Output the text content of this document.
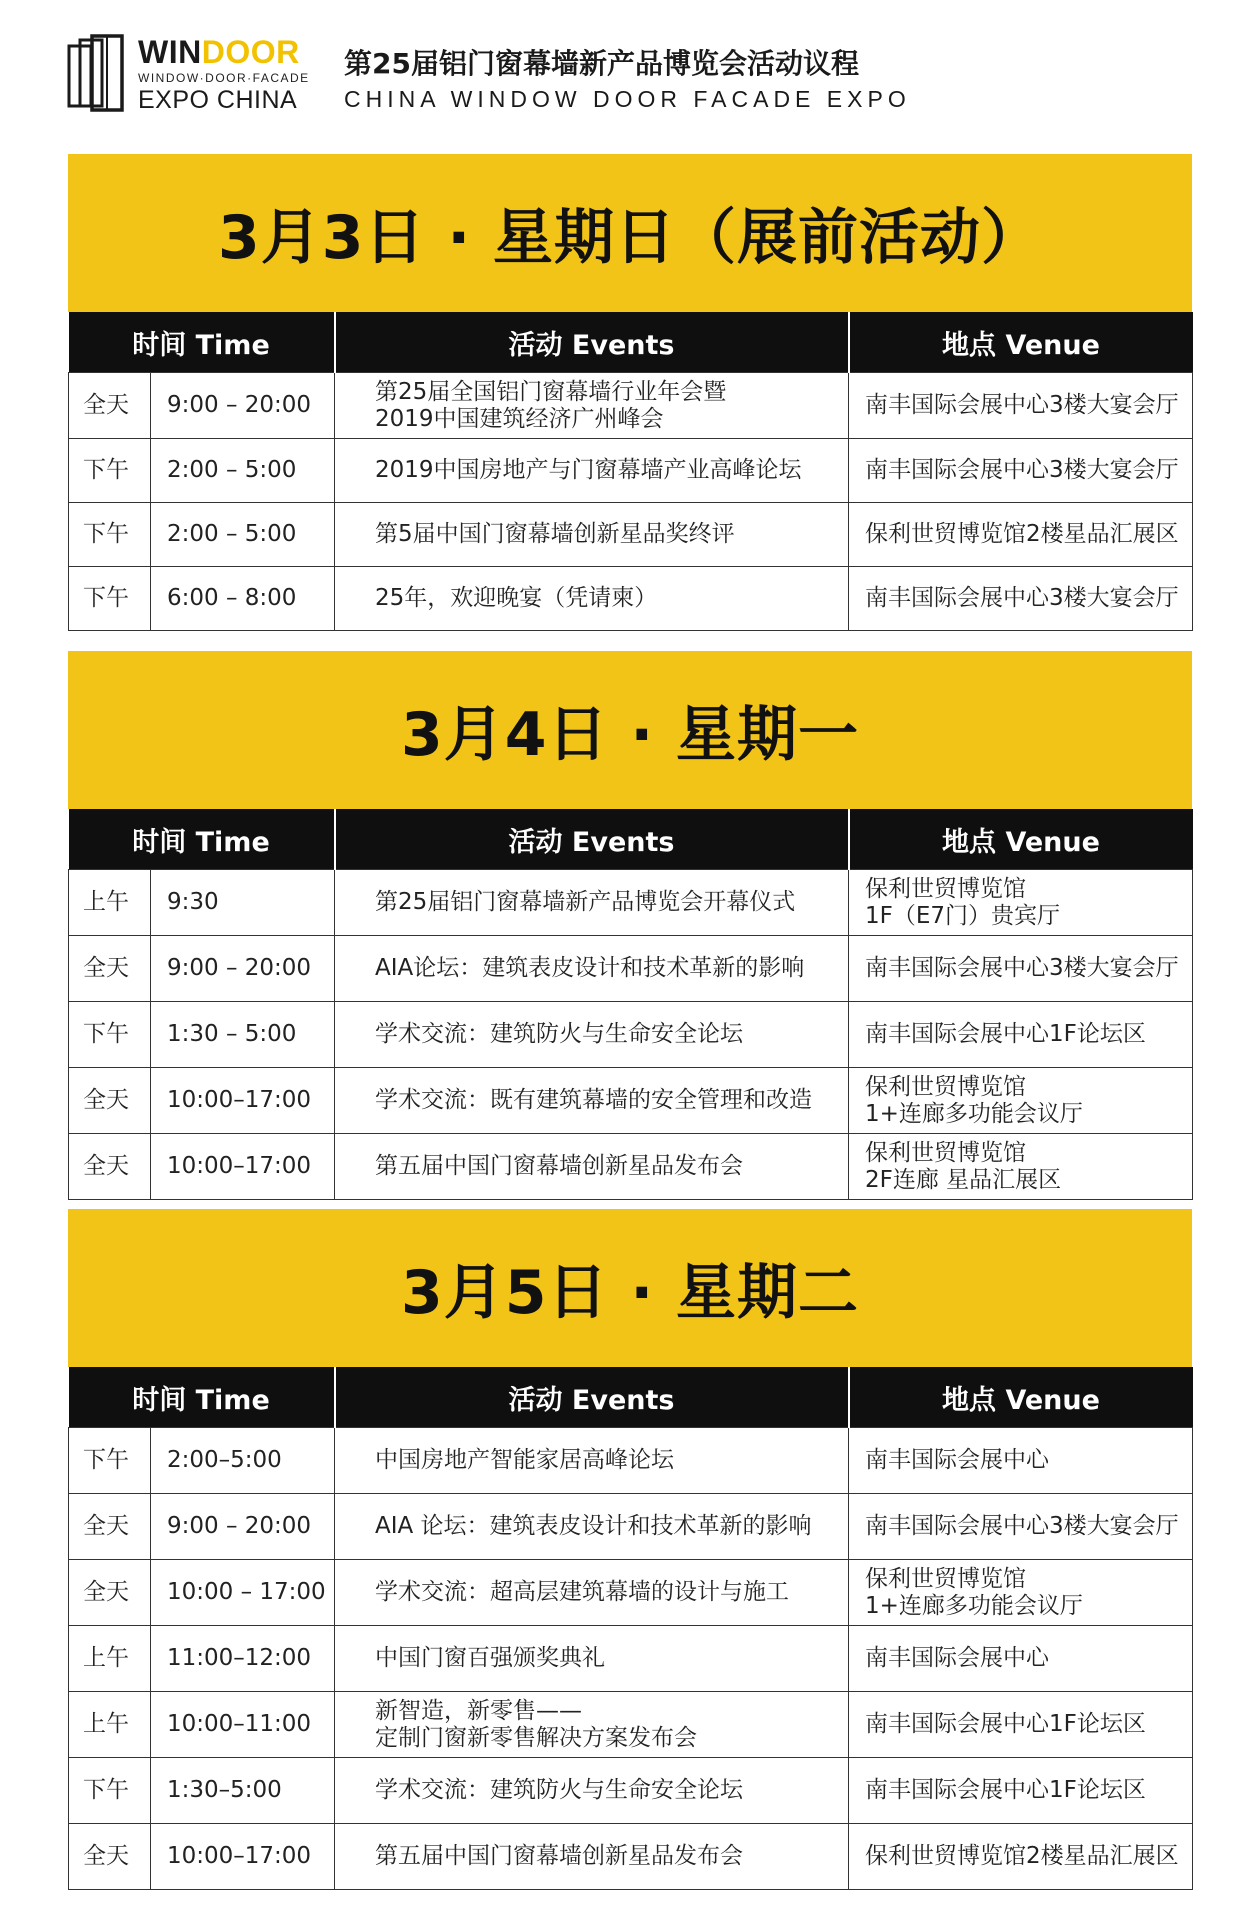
WINDOOR
WINDOW·DOOR·FACADE
EXPO CHINA
第25届铝门窗幕墙新产品博览会活动议程
CHINA WINDOW DOOR FACADE EXPO
3月3日 · 星期日（展前活动）
时间 Time		活动 Events	地点 Venue
全天	9:00 – 20:00	第25届全国铝门窗幕墙行业年会暨
2019中国建筑经济广州峰会	南丰国际会展中心3楼大宴会厅

下午	2:00 – 5:00	2019中国房地产与门窗幕墙产业高峰论坛	南丰国际会展中心3楼大宴会厅

下午	2:00 – 5:00	第5届中国门窗幕墙创新星品奖终评	保利世贸博览馆2楼星品汇展区

下午	6:00 – 8:00	25年，欢迎晚宴（凭请柬）	南丰国际会展中心3楼大宴会厅
3月4日 · 星期一
时间 Time		活动 Events	地点 Venue
上午	9:30	第25届铝门窗幕墙新产品博览会开幕仪式	保利世贸博览馆
1F（E7门）贵宾厅

全天	9:00 – 20:00	AIA论坛：建筑表皮设计和技术革新的影响	南丰国际会展中心3楼大宴会厅

下午	1:30 – 5:00	学术交流：建筑防火与生命安全论坛	南丰国际会展中心1F论坛区

全天	10:00–17:00	学术交流：既有建筑幕墙的安全管理和改造	保利世贸博览馆
1+连廊多功能会议厅

全天	10:00–17:00	第五届中国门窗幕墙创新星品发布会	保利世贸博览馆
2F连廊 星品汇展区
3月5日 · 星期二
时间 Time		活动 Events	地点 Venue
下午	2:00–5:00	中国房地产智能家居高峰论坛	南丰国际会展中心

全天	9:00 – 20:00	AIA 论坛：建筑表皮设计和技术革新的影响	南丰国际会展中心3楼大宴会厅

全天	10:00 – 17:00	学术交流：超高层建筑幕墙的设计与施工	保利世贸博览馆
1+连廊多功能会议厅

上午	11:00–12:00	中国门窗百强颁奖典礼	南丰国际会展中心

上午	10:00–11:00	新智造，新零售——
定制门窗新零售解决方案发布会	南丰国际会展中心1F论坛区

下午	1:30–5:00	学术交流：建筑防火与生命安全论坛	南丰国际会展中心1F论坛区

全天	10:00–17:00	第五届中国门窗幕墙创新星品发布会	保利世贸博览馆2楼星品汇展区
